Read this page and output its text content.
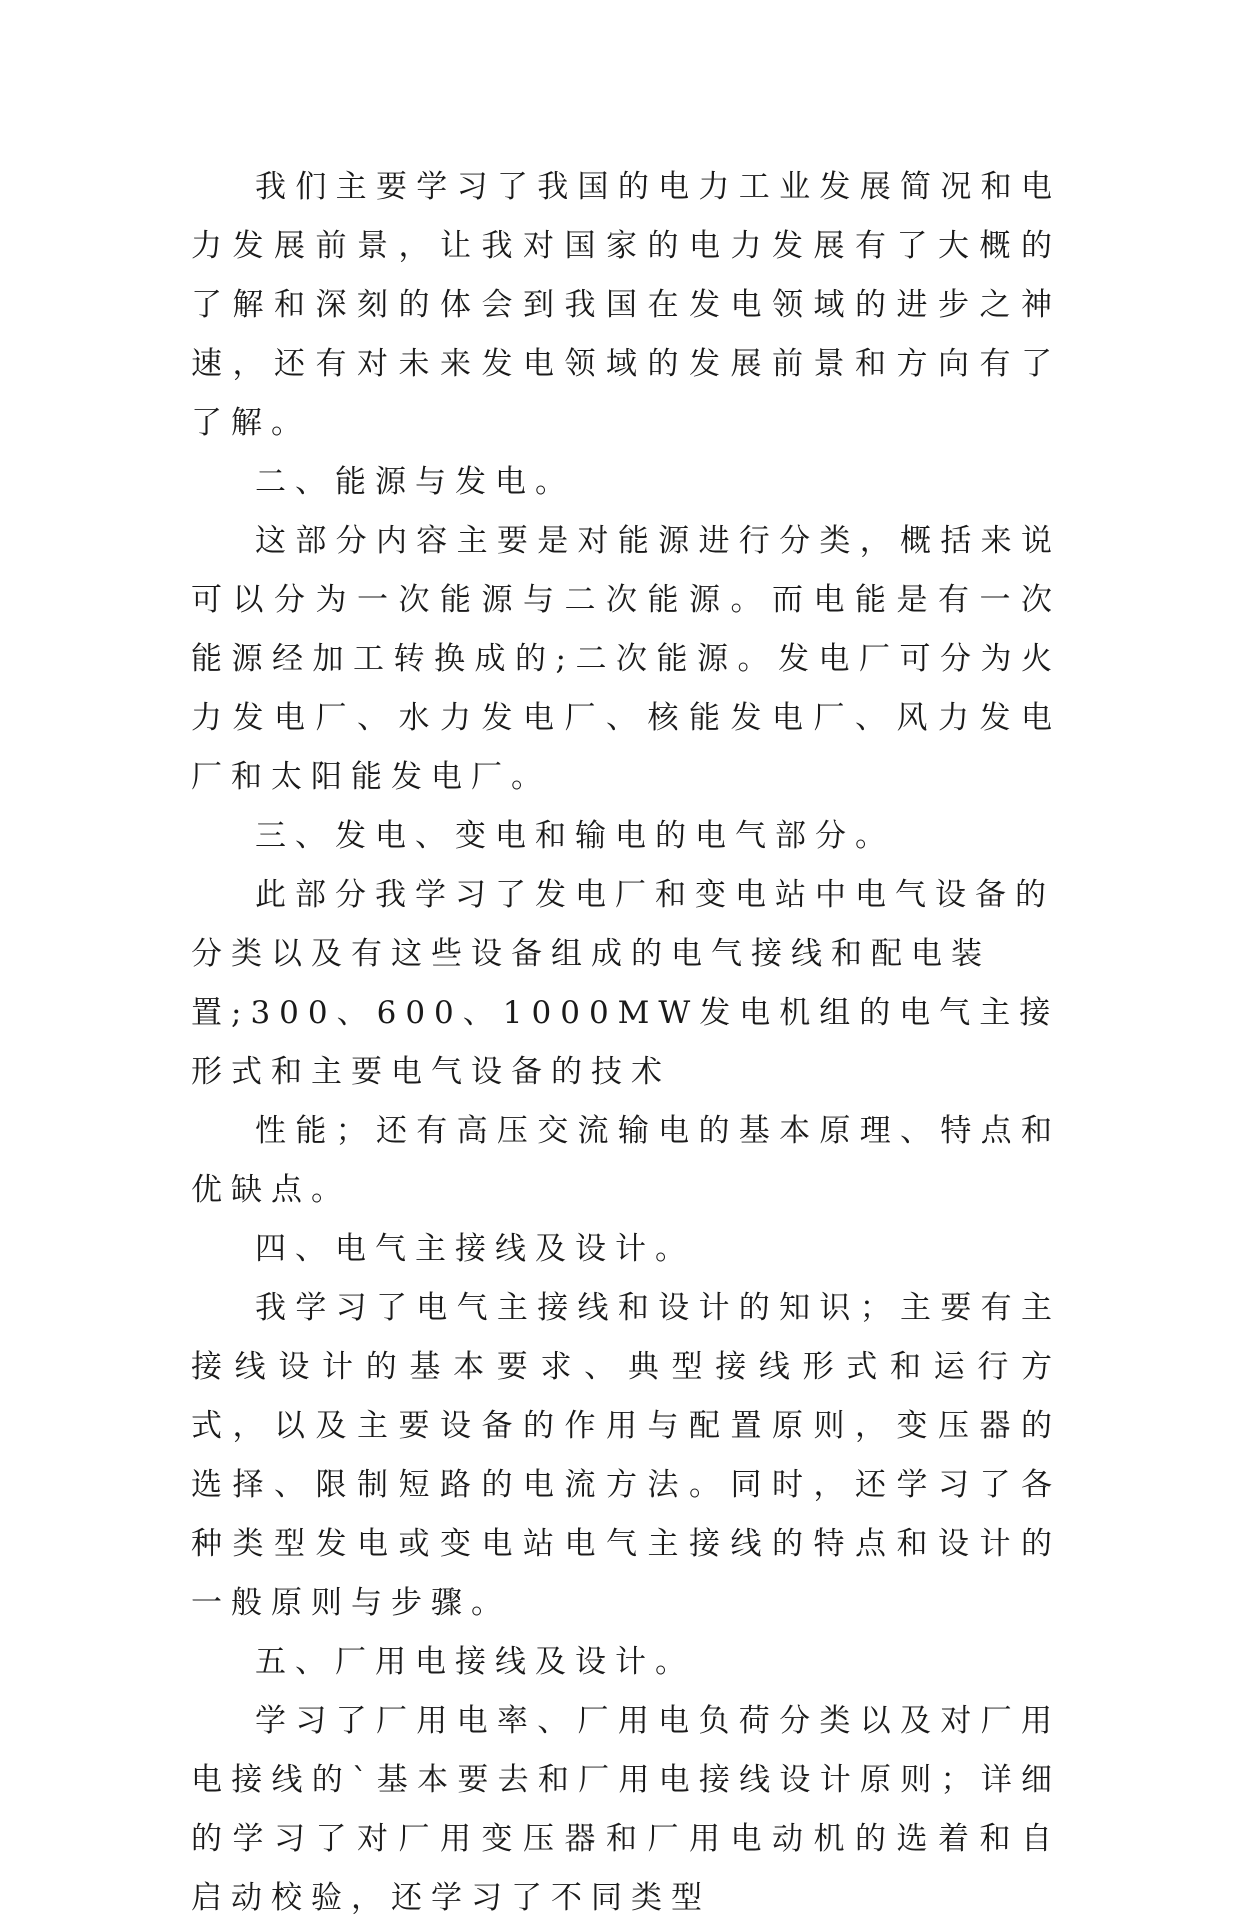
我们主要学习了我国的电力工业发展简况和电力发展前景，让我对国家的电力发展有了大概的了解和深刻的体会到我国在发电领域的进步之神速，还有对未来发电领域的发展前景和方向有了了解。

二、能源与发电。

这部分内容主要是对能源进行分类，概括来说可以分为一次能源与二次能源。而电能是有一次能源经加工转换成的;二次能源。发电厂可分为火力发电厂、水力发电厂、核能发电厂、风力发电厂和太阳能发电厂。

三、发电、变电和输电的电气部分。

此部分我学习了发电厂和变电站中电气设备的分类以及有这些设备组成的电气接线和配电装置;300、600、1000MW发电机组的电气主接形式和主要电气设备的技术

性能；还有高压交流输电的基本原理、特点和优缺点。

四、电气主接线及设计。

我学习了电气主接线和设计的知识；主要有主接线设计的基本要求、典型接线形式和运行方式，以及主要设备的作用与配置原则，变压器的选择、限制短路的电流方法。同时，还学习了各种类型发电或变电站电气主接线的特点和设计的一般原则与步骤。

五、厂用电接线及设计。

学习了厂用电率、厂用电负荷分类以及对厂用电接线的`基本要去和厂用电接线设计原则；详细的学习了对厂用变压器和厂用电动机的选着和自启动校验，还学习了不同类型
